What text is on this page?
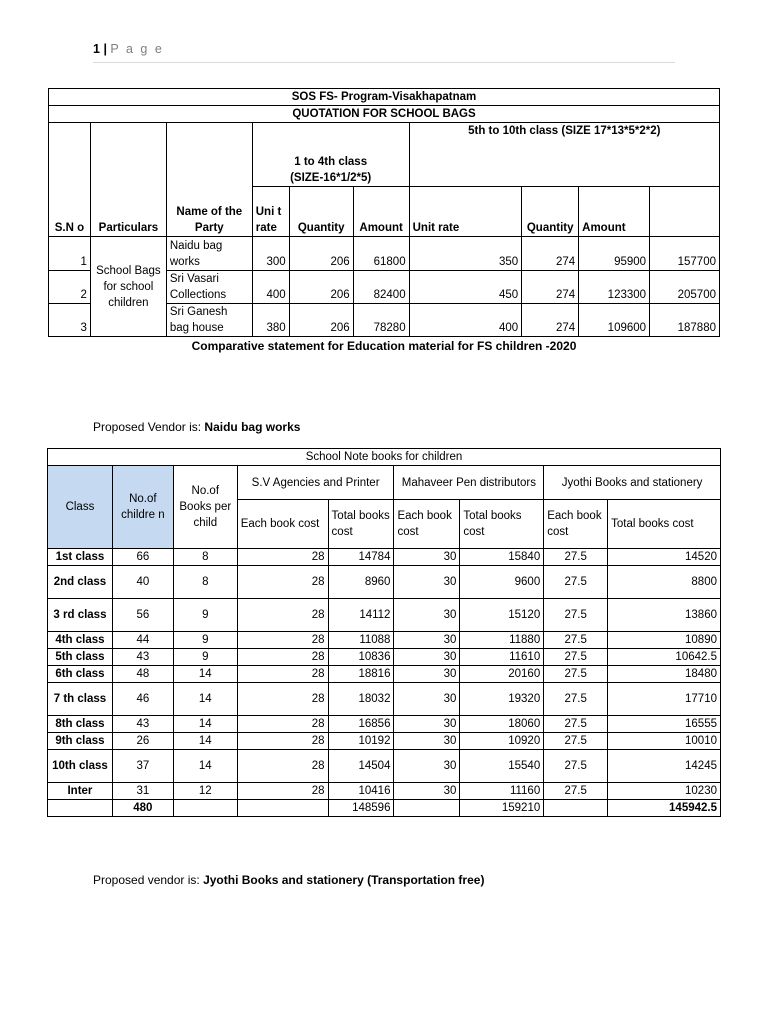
1 | P a g e
SOS FS- Program-Visakhapatnam									
QUOTATION FOR SCHOOL BAGS									
S.N o	Particulars	Name of the Party	1 to 4th class
(SIZE-16*1/2*5)			5th to 10th class (SIZE 17*13*5*2*2)			
			Uni t rate	Quantity	Amount	Unit rate	Quantity	Amount	
1	School Bags for school children	Naidu bag works	300	206	61800	350	274	95900	157700
2		Sri Vasari Collections	400	206	82400	450	274	123300	205700
3		Sri Ganesh bag house	380	206	78280	400	274	109600	187880
Comparative statement for Education material for FS children -2020
Proposed Vendor is: Naidu bag works
School Note books for children								
Class	No.of childre n	No.of Books per child	S.V Agencies and Printer		Mahaveer Pen distributors		Jyothi Books and stationery	
			Each book cost	Total books cost	Each book cost	Total books cost	Each book cost	Total books cost
1st class	66	8	28	14784	30	15840	27.5	14520
2nd class	40	8	28	8960	30	9600	27.5	8800
3 rd class	56	9	28	14112	30	15120	27.5	13860
4th class	44	9	28	11088	30	11880	27.5	10890
5th class	43	9	28	10836	30	11610	27.5	10642.5
6th class	48	14	28	18816	30	20160	27.5	18480
7 th class	46	14	28	18032	30	19320	27.5	17710
8th class	43	14	28	16856	30	18060	27.5	16555
9th class	26	14	28	10192	30	10920	27.5	10010
10th class	37	14	28	14504	30	15540	27.5	14245
Inter	31	12	28	10416	30	11160	27.5	10230
	480			148596		159210		145942.5
Proposed vendor is: Jyothi Books and stationery (Transportation free)
